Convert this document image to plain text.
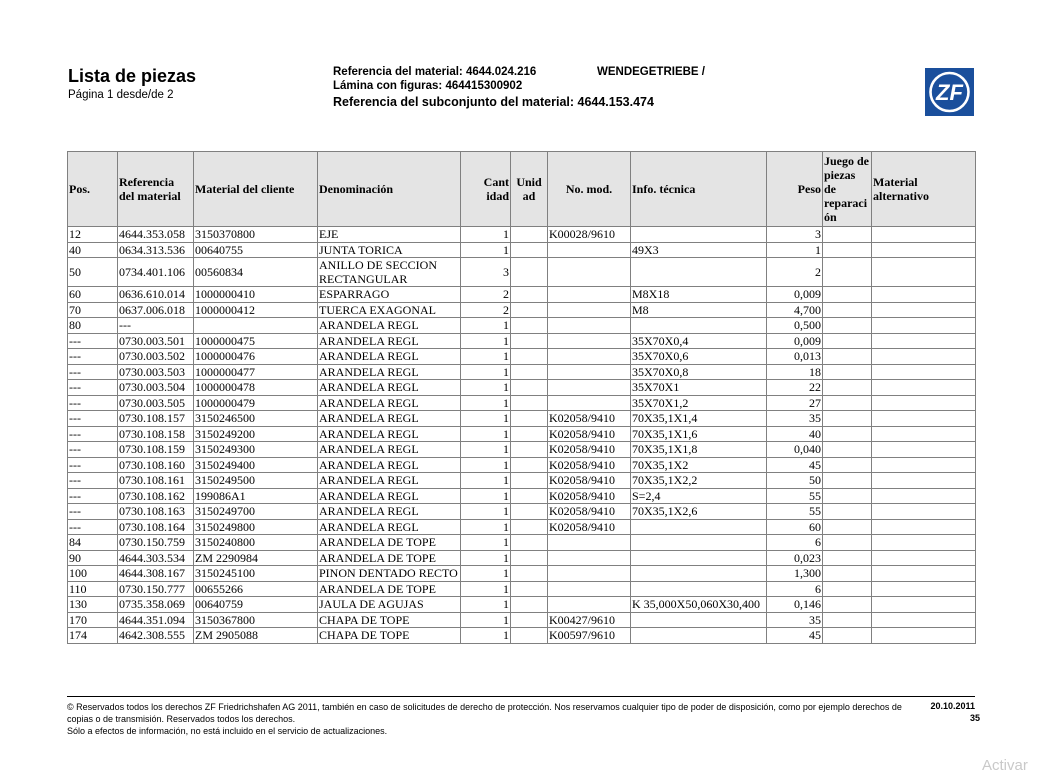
Lista de piezas
Página 1 desde/de 2
Referencia del material: 4644.024.216	WENDEGETRIEBE /
Lámina con figuras: 464415300902
Referencia del subconjunto del material: 4644.153.474	ZF
Pos.	Referencia del material	Material del cliente	Denominación	Cant idad	Unid ad	No. mod.	Info. técnica	Peso	Juego de piezas de reparaci ón	Material alternativo
12	4644.353.058	3150370800	EJE	1		K00028/9610		3		
40	0634.313.536	00640755	JUNTA TORICA	1			49X3	1		
50	0734.401.106	00560834	ANILLO DE SECCION RECTANGULAR	3				2		
60	0636.610.014	1000000410	ESPARRAGO	2			M8X18	0,009		
70	0637.006.018	1000000412	TUERCA EXAGONAL	2			M8	4,700		
80	---		ARANDELA REGL	1				0,500		
---	0730.003.501	1000000475	ARANDELA REGL	1			35X70X0,4	0,009		
---	0730.003.502	1000000476	ARANDELA REGL	1			35X70X0,6	0,013		
---	0730.003.503	1000000477	ARANDELA REGL	1			35X70X0,8	18		
---	0730.003.504	1000000478	ARANDELA REGL	1			35X70X1	22		
---	0730.003.505	1000000479	ARANDELA REGL	1			35X70X1,2	27		
---	0730.108.157	3150246500	ARANDELA REGL	1		K02058/9410	70X35,1X1,4	35		
---	0730.108.158	3150249200	ARANDELA REGL	1		K02058/9410	70X35,1X1,6	40		
---	0730.108.159	3150249300	ARANDELA REGL	1		K02058/9410	70X35,1X1,8	0,040		
---	0730.108.160	3150249400	ARANDELA REGL	1		K02058/9410	70X35,1X2	45		
---	0730.108.161	3150249500	ARANDELA REGL	1		K02058/9410	70X35,1X2,2	50		
---	0730.108.162	199086A1	ARANDELA REGL	1		K02058/9410	S=2,4	55		
---	0730.108.163	3150249700	ARANDELA REGL	1		K02058/9410	70X35,1X2,6	55		
---	0730.108.164	3150249800	ARANDELA REGL	1		K02058/9410		60		
84	0730.150.759	3150240800	ARANDELA DE TOPE	1				6		
90	4644.303.534	ZM 2290984	ARANDELA DE TOPE	1				0,023		
100	4644.308.167	3150245100	PINON DENTADO RECTO	1				1,300		
110	0730.150.777	00655266	ARANDELA DE TOPE	1				6		
130	0735.358.069	00640759	JAULA DE AGUJAS	1			K 35,000X50,060X30,400	0,146		
170	4644.351.094	3150367800	CHAPA DE TOPE	1		K00427/9610		35		
174	4642.308.555	ZM 2905088	CHAPA DE TOPE	1		K00597/9610		45		

© Reservados todos los derechos ZF Friedrichshafen AG 2011, también en caso de solicitudes de derecho de protección. Nos reservamos cualquier tipo de poder de disposición, como por ejemplo derechos de copias o de transmisión. Reservados todos los derechos.
Sólo a efectos de información, no está incluido en el servicio de actualizaciones.

20.10.2011
35
Activar
